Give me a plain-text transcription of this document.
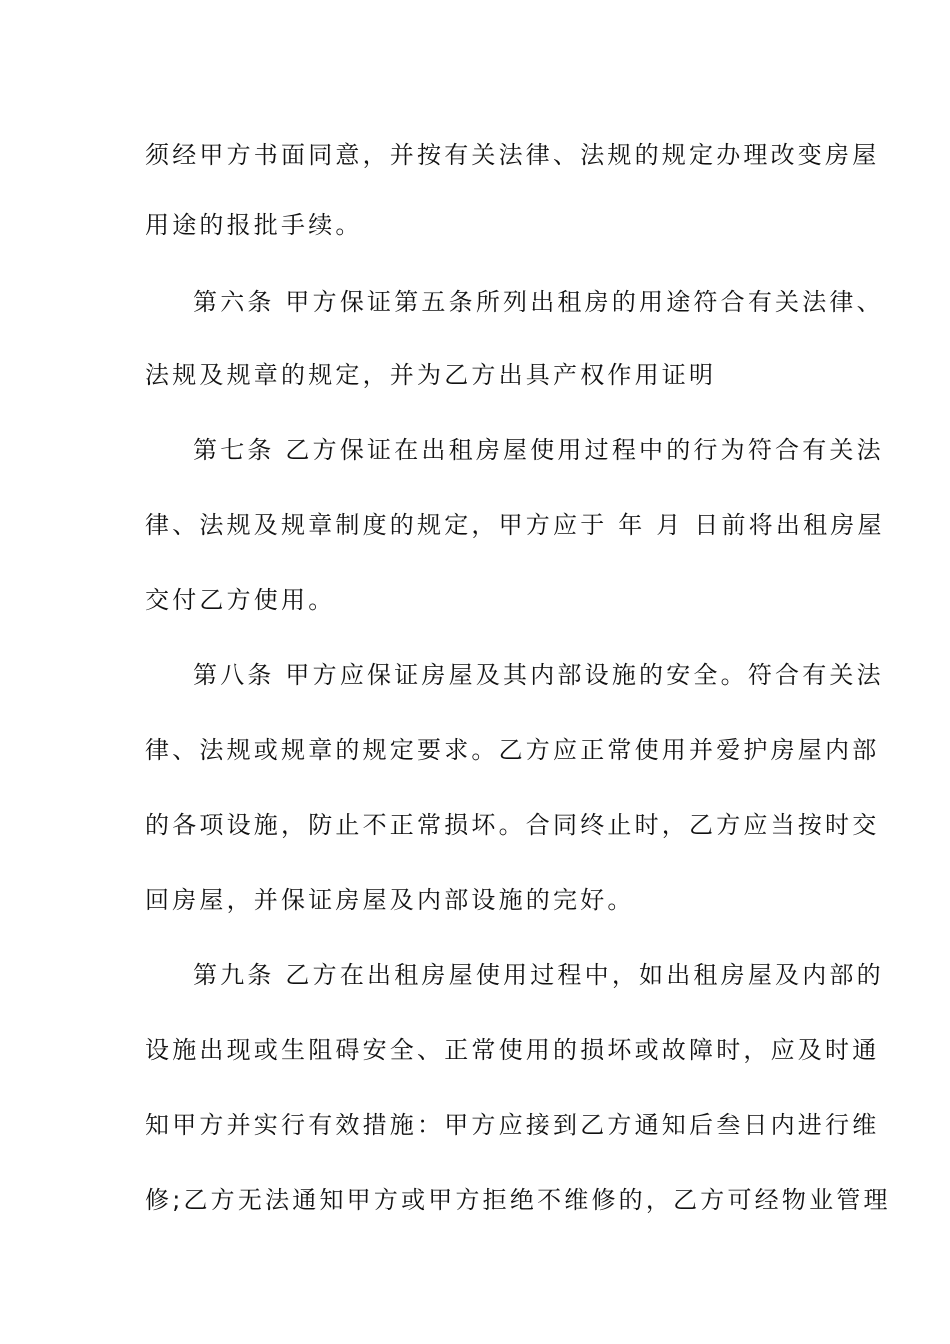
须经甲方书面同意，并按有关法律、法规的规定办理改变房屋
用途的报批手续。
第六条 甲方保证第五条所列出租房的用途符合有关法律、
法规及规章的规定，并为乙方出具产权作用证明
第七条 乙方保证在出租房屋使用过程中的行为符合有关法
律、法规及规章制度的规定，甲方应于 年 月 日前将出租房屋
交付乙方使用。
第八条 甲方应保证房屋及其内部设施的安全。符合有关法
律、法规或规章的规定要求。乙方应正常使用并爱护房屋内部
的各项设施，防止不正常损坏。合同终止时，乙方应当按时交
回房屋，并保证房屋及内部设施的完好。
第九条 乙方在出租房屋使用过程中，如出租房屋及内部的
设施出现或生阻碍安全、正常使用的损坏或故障时，应及时通
知甲方并实行有效措施：甲方应接到乙方通知后叁日内进行维
修;乙方无法通知甲方或甲方拒绝不维修的，乙方可经物业管理
